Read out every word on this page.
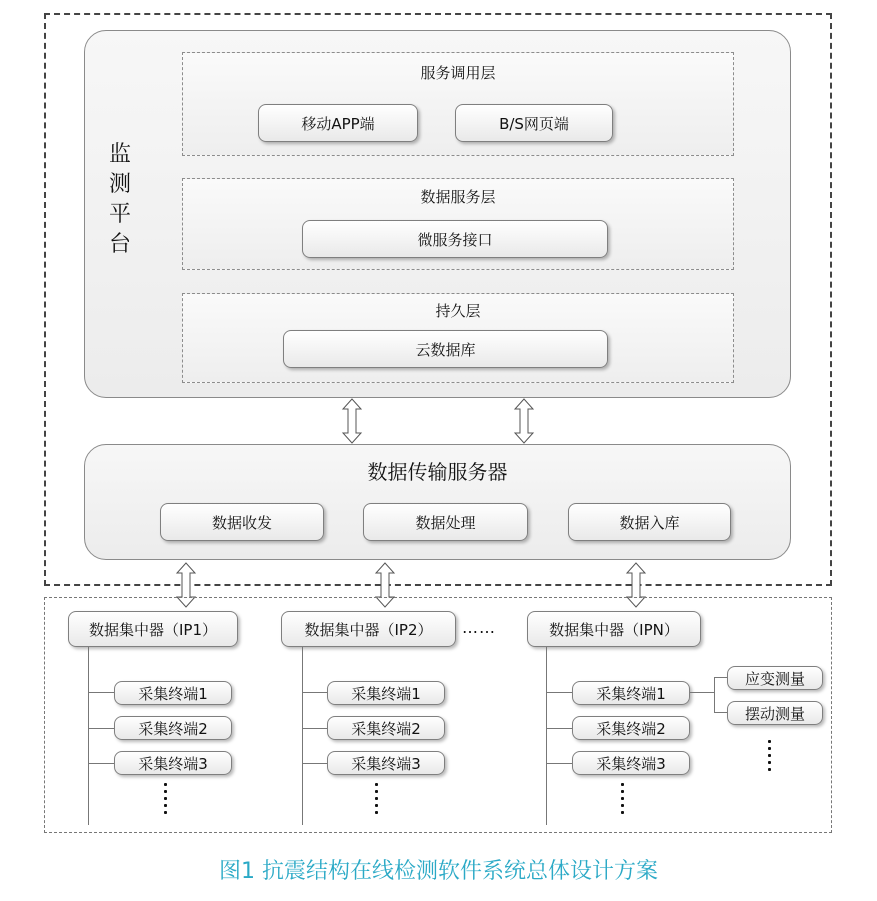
监
测
平
台
服务调用层
移动APP端	B/S网页端
数据服务层
微服务接口
持久层
云数据库
数据传输服务器
数据收发	数据处理	数据入库
数据集中器（IP1）
采集终端1
采集终端2
采集终端3
数据集中器（IP2）
采集终端1
采集终端2
采集终端3
……	数据集中器（IPN）
采集终端1
采集终端2
采集终端3
应变测量
摆动测量
图1 抗震结构在线检测软件系统总体设计方案
